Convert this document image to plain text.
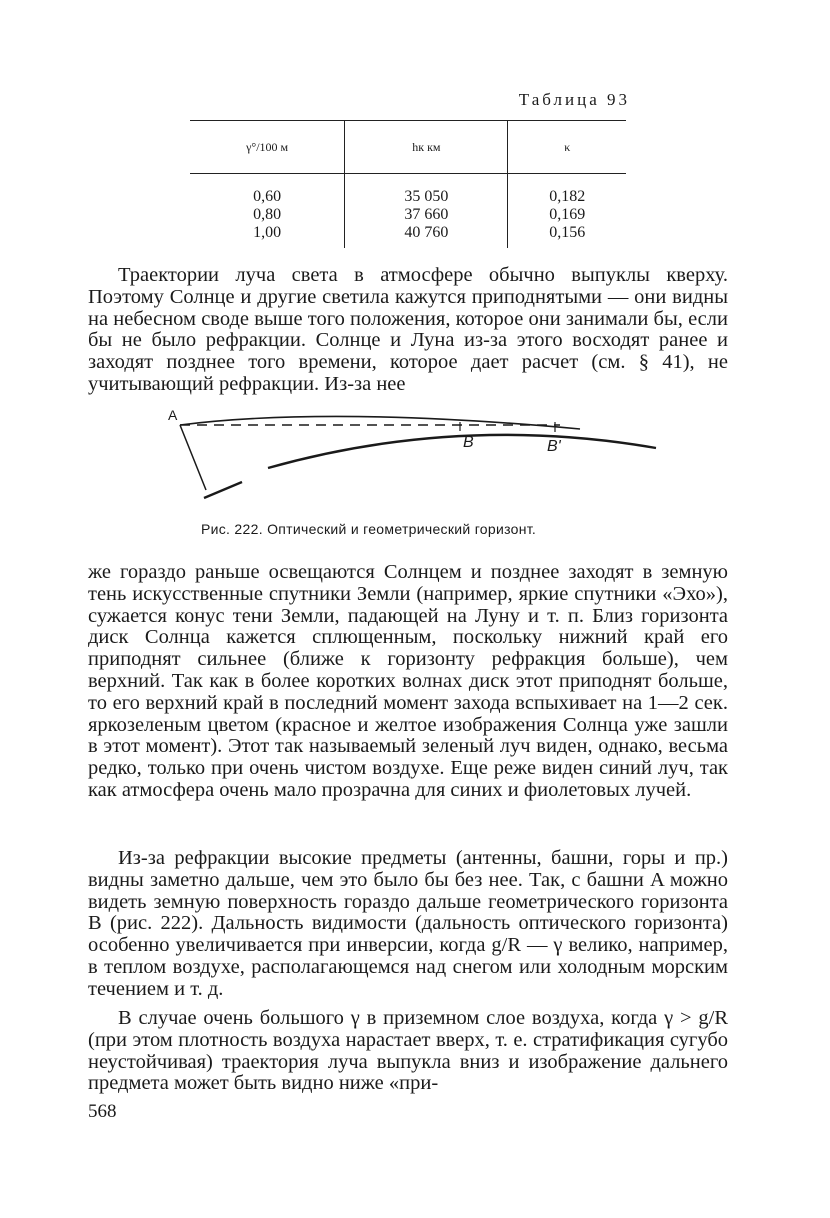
Таблица 93
γ°/100 м	hк км	κ
0,60	35 050	0,182
0,80	37 660	0,169
1,00	40 760	0,156

Траектории луча света в атмосфере обычно выпуклы кверху. Поэтому Солнце и другие светила кажутся приподнятыми — они видны на небесном своде выше того положения, которое они занимали бы, если бы не было рефракции. Солнце и Луна из-за этого восходят ранее и заходят позднее того времени, которое дает расчет (см. § 41), не учитывающий рефракции. Из-за нее

A
B	B'
Рис. 222. Оптический и геометрический горизонт.

же гораздо раньше освещаются Солнцем и позднее заходят в земную тень искусственные спутники Земли (например, яркие спутники «Эхо»), сужается конус тени Земли, падающей на Луну и т. п. Близ горизонта диск Солнца кажется сплющенным, поскольку нижний край его приподнят сильнее (ближе к горизонту рефракция больше), чем верхний. Так как в более коротких волнах диск этот приподнят больше, то его верхний край в последний момент захода вспыхивает на 1—2 сек. яркозеленым цветом (красное и желтое изображения Солнца уже зашли в этот момент). Этот так называемый зеленый луч виден, однако, весьма редко, только при очень чистом воздухе. Еще реже виден синий луч, так как атмосфера очень мало прозрачна для синих и фиолетовых лучей.

Из-за рефракции высокие предметы (антенны, башни, горы и пр.) видны заметно дальше, чем это было бы без нее. Так, с башни A можно видеть земную поверхность гораздо дальше геометрического горизонта B (рис. 222). Дальность видимости (дальность оптического горизонта) особенно увеличивается при инверсии, когда g/R — γ велико, например, в теплом воздухе, располагающемся над снегом или холодным морским течением и т. д.

В случае очень большого γ в приземном слое воздуха, когда γ > g/R (при этом плотность воздуха нарастает вверх, т. е. стратификация сугубо неустойчивая) траектория луча выпукла вниз и изображение дальнего предмета может быть видно ниже «при-

568
